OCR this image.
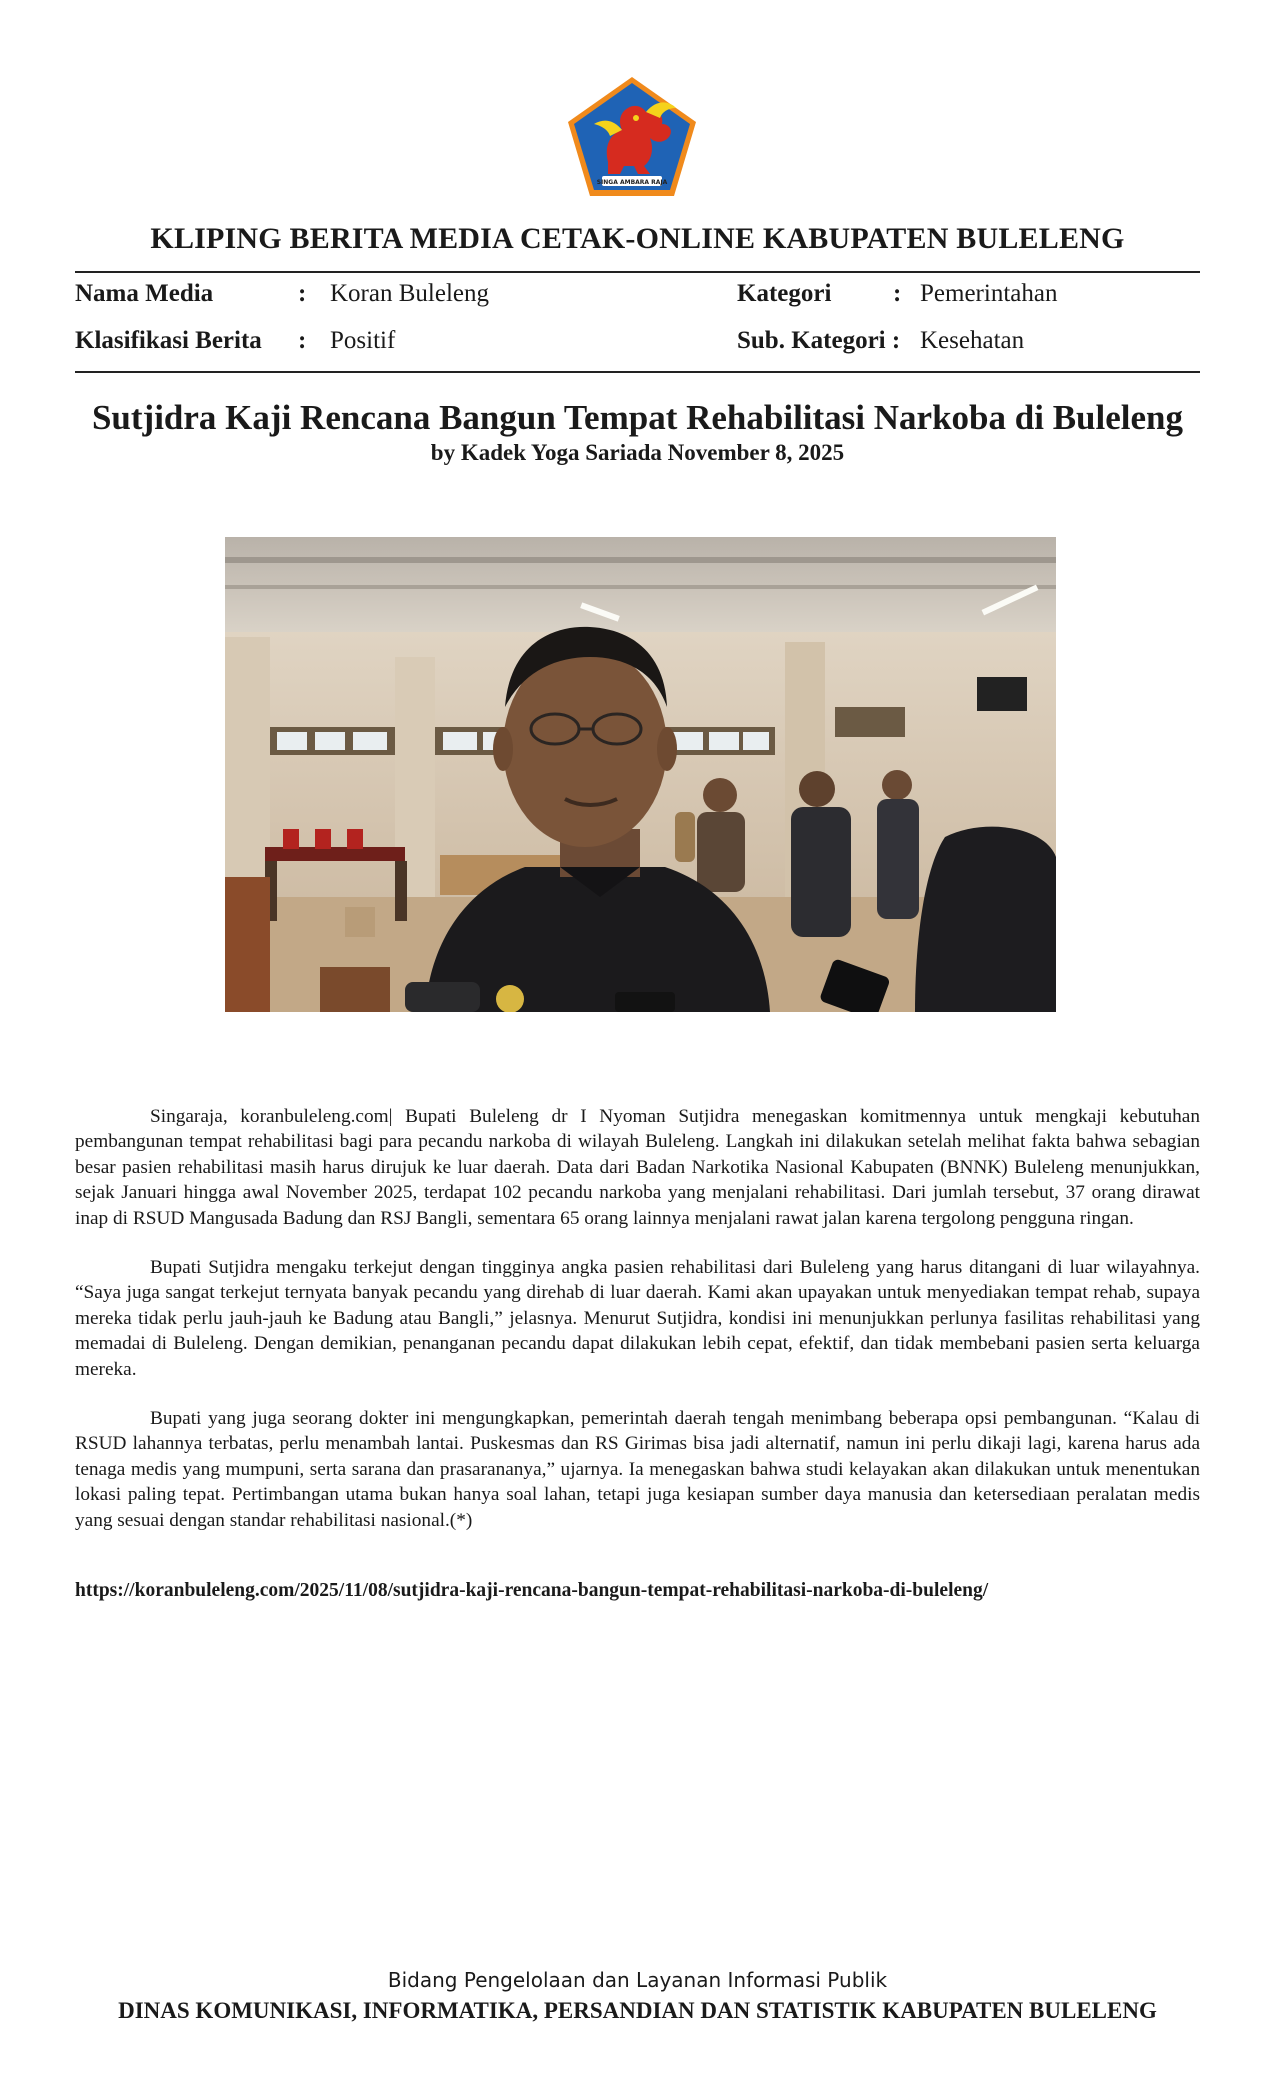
SINGA AMBARA RAJA
KLIPING BERITA MEDIA CETAK-ONLINE KABUPATEN BULELENG
Nama Media	: Koran Buleleng	Kategori : Pemerintahan
Klasifikasi Berita : Positif	Sub. Kategori : Kesehatan
Sutjidra Kaji Rencana Bangun Tempat Rehabilitasi Narkoba di Buleleng
by Kadek Yoga Sariada November 8, 2025

Singaraja, koranbuleleng.com| Bupati Buleleng dr I Nyoman Sutjidra menegaskan komitmennya untuk mengkaji kebutuhan pembangunan tempat rehabilitasi bagi para pecandu narkoba di wilayah Buleleng. Langkah ini dilakukan setelah melihat fakta bahwa sebagian besar pasien rehabilitasi masih harus dirujuk ke luar daerah. Data dari Badan Narkotika Nasional Kabupaten (BNNK) Buleleng menunjukkan, sejak Januari hingga awal November 2025, terdapat 102 pecandu narkoba yang menjalani rehabilitasi. Dari jumlah tersebut, 37 orang dirawat inap di RSUD Mangusada Badung dan RSJ Bangli, sementara 65 orang lainnya menjalani rawat jalan karena tergolong pengguna ringan.

Bupati Sutjidra mengaku terkejut dengan tingginya angka pasien rehabilitasi dari Buleleng yang harus ditangani di luar wilayahnya. “Saya juga sangat terkejut ternyata banyak pecandu yang direhab di luar daerah. Kami akan upayakan untuk menyediakan tempat rehab, supaya mereka tidak perlu jauh-jauh ke Badung atau Bangli,” jelasnya. Menurut Sutjidra, kondisi ini menunjukkan perlunya fasilitas rehabilitasi yang memadai di Buleleng. Dengan demikian, penanganan pecandu dapat dilakukan lebih cepat, efektif, dan tidak membebani pasien serta keluarga mereka.

Bupati yang juga seorang dokter ini mengungkapkan, pemerintah daerah tengah menimbang beberapa opsi pembangunan. “Kalau di RSUD lahannya terbatas, perlu menambah lantai. Puskesmas dan RS Girimas bisa jadi alternatif, namun ini perlu dikaji lagi, karena harus ada tenaga medis yang mumpuni, serta sarana dan prasarananya,” ujarnya. Ia menegaskan bahwa studi kelayakan akan dilakukan untuk menentukan lokasi paling tepat. Pertimbangan utama bukan hanya soal lahan, tetapi juga kesiapan sumber daya manusia dan ketersediaan peralatan medis yang sesuai dengan standar rehabilitasi nasional.(*)

https://koranbuleleng.com/2025/11/08/sutjidra-kaji-rencana-bangun-tempat-rehabilitasi-narkoba-di-buleleng/
Bidang Pengelolaan dan Layanan Informasi Publik
DINAS KOMUNIKASI, INFORMATIKA, PERSANDIAN DAN STATISTIK KABUPATEN BULELENG
